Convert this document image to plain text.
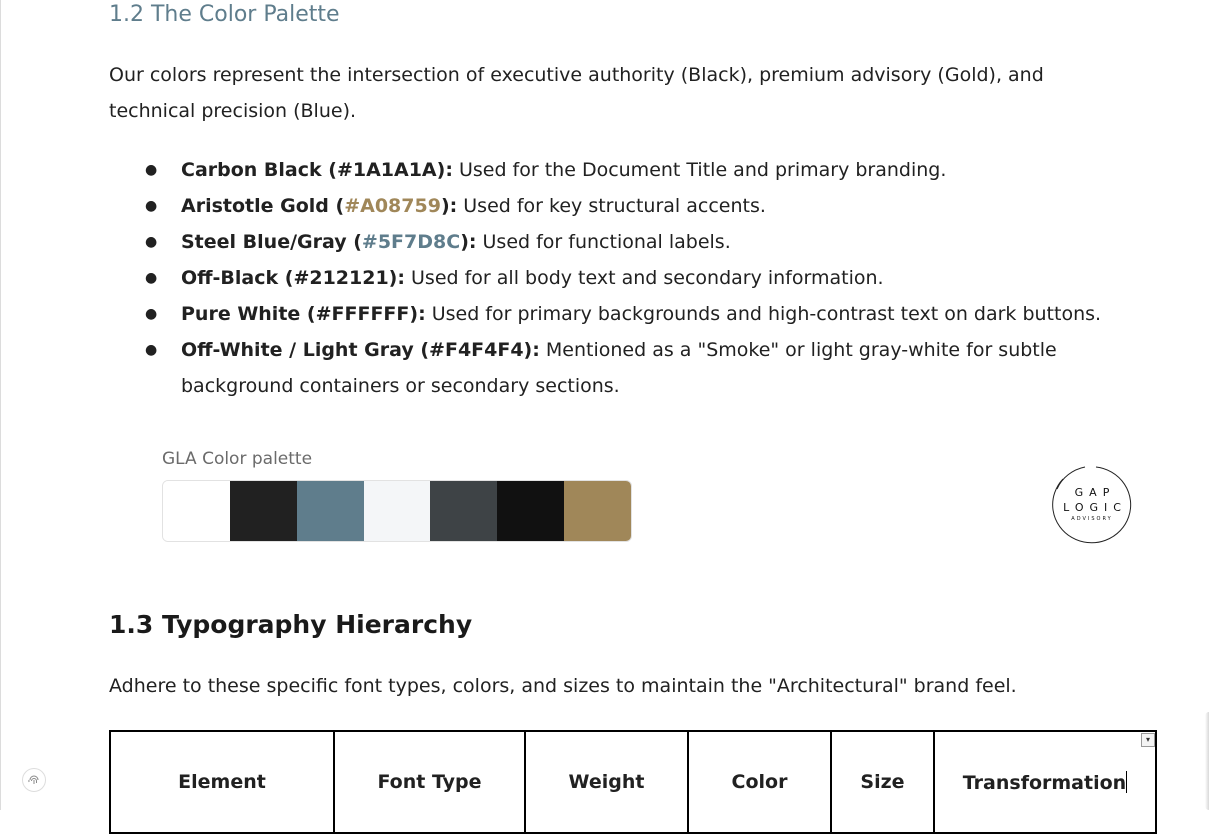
1.2 The Color Palette

Our colors represent the intersection of executive authority (Black), premium advisory (Gold), and technical precision (Blue).

● Carbon Black (#1A1A1A): Used for the Document Title and primary branding.
● Aristotle Gold (#A08759): Used for key structural accents.
● Steel Blue/Gray (#5F7D8C): Used for functional labels.
● Off-Black (#212121): Used for all body text and secondary information.
● Pure White (#FFFFFF): Used for primary backgrounds and high-contrast text on dark buttons.
● Off-White / Light Gray (#F4F4F4): Mentioned as a "Smoke" or light gray-white for subtle background containers or secondary sections.
GLA Color palette
GAP
LOGIC
ADVISORY
1.3 Typography Hierarchy

Adhere to these specific font types, colors, and sizes to maintain the "Architectural" brand feel.

Element	Font Type	Weight	Color	Size	Transformation
▾
